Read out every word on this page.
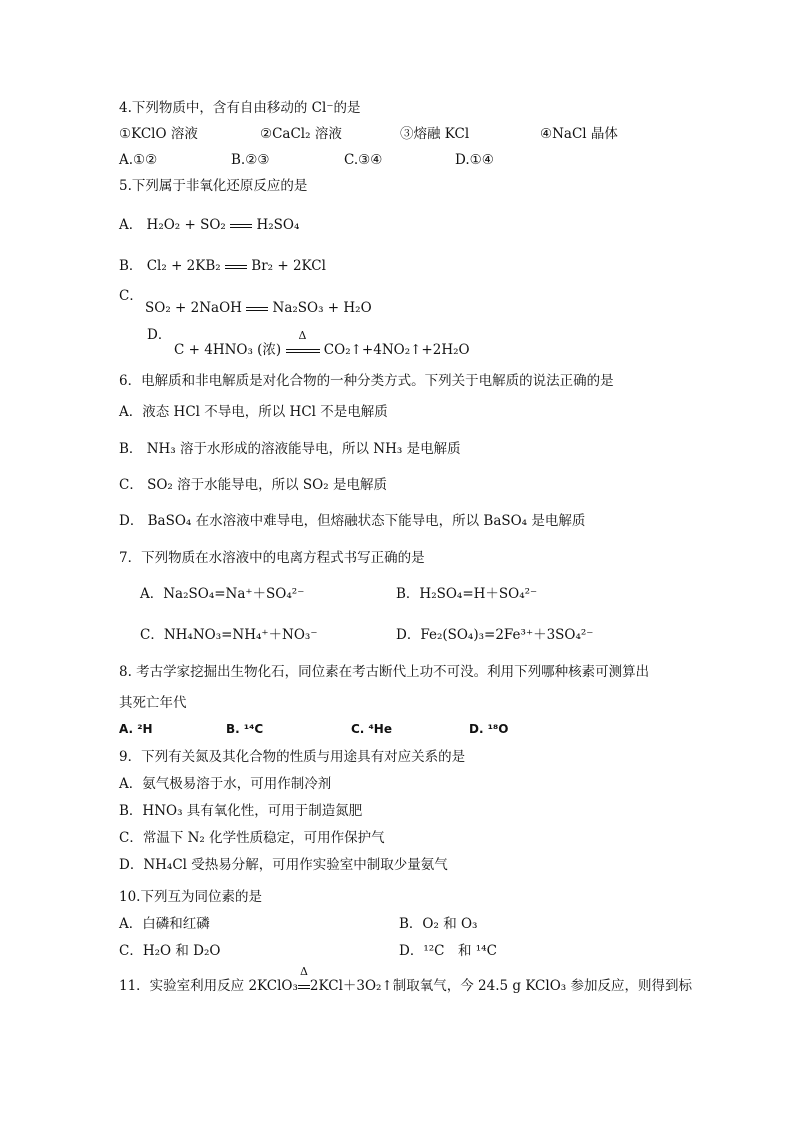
4.下列物质中，含有自由移动的 Cl⁻的是
①KClO 溶液	②CaCl₂ 溶液	③熔融 KCl	④NaCl 晶体
A.①②	B.②③	C.③④	D.①④
5.下列属于非氧化还原反应的是
A． H₂O₂ + SO₂ H₂SO₄
B． Cl₂ + 2KB₂ Br₂ + 2KCl
C．
SO₂ + 2NaOH Na₂SO₃ + H₂O
D．
C + 4HNO₃ (浓)
Δ
CO₂↑+4NO₂↑+2H₂O
6．电解质和非电解质是对化合物的一种分类方式。下列关于电解质的说法正确的是
A．液态 HCl 不导电，所以 HCl 不是电解质
B． NH₃ 溶于水形成的溶液能导电，所以 NH₃ 是电解质
C． SO₂ 溶于水能导电，所以 SO₂ 是电解质
D． BaSO₄ 在水溶液中难导电，但熔融状态下能导电，所以 BaSO₄ 是电解质
7．下列物质在水溶液中的电离方程式书写正确的是
A．Na₂SO₄=Na⁺＋SO₄²⁻	B．H₂SO₄=H＋SO₄²⁻
C．NH₄NO₃=NH₄⁺＋NO₃⁻	D．Fe₂(SO₄)₃=2Fe³⁺＋3SO₄²⁻
8. 考古学家挖掘出生物化石，同位素在考古断代上功不可没。利用下列哪种核素可测算出
其死亡年代
A. ²H	B. ¹⁴C	C. ⁴He	D. ¹⁸O
9．下列有关氮及其化合物的性质与用途具有对应关系的是
A．氨气极易溶于水，可用作制冷剂
B．HNO₃ 具有氧化性，可用于制造氮肥
C．常温下 N₂ 化学性质稳定，可用作保护气
D．NH₄Cl 受热易分解，可用作实验室中制取少量氨气
10.下列互为同位素的是
A．白磷和红磷	B．O₂ 和 O₃
C．H₂O 和 D₂O	D．¹²C　和 ¹⁴C
11．实验室利用反应 2KClO₃
Δ
2KCl＋3O₂↑制取氧气，今 24.5 g KClO₃ 参加反应，则得到标
